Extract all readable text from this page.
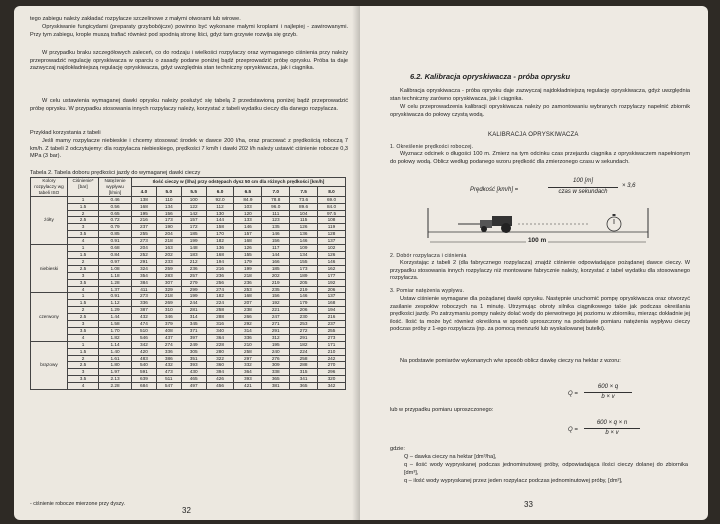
tego zabiegu należy zakładać rozpylacze szczelinowe z małymi otworami lub wirowe.
Opryskiwanie fungicydami (preparaty grzybobójcze) powinno być wykonane małymi kroplami i najlepiej - zawirowanymi. Przy tym zabiegu, krople muszą trafiać również pod spodnią stronę liści, gdyż tam grzywie rozwija się grzyb.
W przypadku braku szczegółowych zaleceń, co do rodzaju i wielkości rozpylaczy oraz wymaganego ciśnienia przy należy przeprowadzić regulację opryskiwacza w oparciu o zasady podane poniżej bądź przeprowadzić próbę oprysku. Próba ta daje zazwyczaj najdokładniejszą regulację opryskiwacza, gdyż uwzględnia stan techniczny opryskiwacza, jak i ciągnika.
W celu ustawienia wymaganej dawki oprysku należy posłużyć się tabelą 2 przedstawioną poniżej bądź przeprowadzić próbę oprysku. W przypadku stosowania innych rozpylaczy należy, korzystać z tabeli wydatku cieczy dla danego rozpylacza.
Przykład korzystania z tabeli
Jeśli mamy rozpylacze niebieskie i chcemy stosować środek w dawce 200 l/ha, oraz pracować z prędkością roboczą 7 km/h. Z tabeli 2 odczytujemy: dla rozpylacza niebieskiego, prędkości 7 km/h i dawki 202 l/h należy ustawić ciśnienie robocze 0,3 MPa (3 bar).
Tabela 2. Tabela doboru prędkości jazdy do wymaganej dawki cieczy
Kolory rozpylaczy wg tabeli ISO	Ciśnienie* [bar]	Natężenie wypływu [l/min]	Ilość cieczy w (l/ha) przy odstępach dysz 50 cm dla różnych prędkości [km/h]							
			4.0	5.0	5.5	6.0	6.5	7.0	7.5	8.0
żółty	1	0.46	138	110	100	92.0	84.9	78.8	73.6	69.0
	1.5	0.56	168	134	122	112	103	96.0	89.6	84.0
	2	0.65	195	156	142	130	120	111	104	97.5
	2.5	0.72	216	173	157	144	133	123	115	108
	3	0.79	237	190	172	158	146	135	126	119
	3.5	0.85	255	204	185	170	157	146	136	128
	4	0.91	273	218	199	182	168	156	146	137
niebieski	1	0.68	204	163	148	136	126	117	109	102
	1.5	0.84	252	202	183	168	155	144	134	126
	2	0.97	291	233	212	194	179	166	155	146
	2.5	1.08	324	259	236	216	199	185	173	162
	3	1.18	354	283	257	236	218	202	189	177
	3.5	1.28	384	307	279	256	236	219	205	192
	4	1.37	411	329	299	274	253	235	219	206
czerwony	1	0.91	273	218	199	182	168	156	146	137
	1.5	1.12	336	269	244	224	207	192	179	168
	2	1.29	387	310	281	258	238	221	206	194
	2.5	1.44	432	346	314	288	266	247	230	216
	3	1.58	474	379	345	316	292	271	253	237
	3.5	1.70	510	408	371	340	314	291	272	255
	4	1.82	546	437	397	364	336	312	291	273
brązowy	1	1.14	342	274	249	228	210	195	182	171
	1.5	1.40	420	336	305	280	258	240	224	210
	2	1.61	483	386	351	322	297	276	258	242
	2.5	1.80	540	432	393	360	332	309	288	270
	3	1.97	591	473	430	394	364	338	315	296
	3.5	2.13	639	511	465	426	393	365	341	320
	4	2.28	684	547	497	456	421	381	365	342
- ciśnienie robocze mierzone przy dyszy.
32
6.2. Kalibracja opryskiwacza - próba oprysku
Kalibracja opryskiwacza - próba oprysku daje zazwyczaj najdokładniejszą regulację opryskiwacza, gdyż uwzględnia stan techniczny zarówno opryskiwacza, jak i ciągnika.
W celu przeprowadzenia kalibracji opryskiwacza należy po zamontowaniu wybranych rozpylaczy napełnić zbiornik opryskiwacza do połowy czystą wodą.
KALIBRACJA OPRYSKIWACZA
1. Określenie prędkości roboczej.
Wyznacz odcinek o długości 100 m. Zmierz na tym odcinku czas przejazdu ciągnika z opryskiwaczem napełnionym do połowy wodą. Oblicz według podanego wzoru prędkość dla zmierzonego czasu w sekundach.
Prędkość [km/h] =
100 [m]
czas w sekundach
× 3,6
100 m
2. Dobór rozpylacza i ciśnienia
Korzystając z tabeli 2 (dla fabrycznego rozpylacza) znajdź ciśnienie odpowiadające pożądanej dawce cieczy. W przypadku stosowania innych rozpylaczy niż montowane fabrycznie należy, korzystać z tabel wydatku dla stosowanego rozpylacza.
3. Pomiar natężenia wypływu.
Ustaw ciśnienie wymagane dla pożądanej dawki oprysku. Następnie uruchomić pompę opryskiwacza oraz otworzyć zasilanie zespołów roboczych na 1 minutę. Utrzymując obroty silnika ciągnikowego takie jak podczas określania prędkości jazdy. Po zatrzymaniu pompy należy dolać wody do pierwotnego jej poziomu w zbiorniku, mierząc dokładnie jej ilość. Ilość ta może być również określona w sposób uproszczony na podstawie pomiaru natężenia wypływu cieczy podczas próby z 1-ego rozpylacza (np. za pomocą menzurki lub wyskalowanej butelki).
Na podstawie pomiarów wykonanych w/w sposób oblicz dawkę cieczy na hektar z wzoru:
Q =
600 × q
b × v
lub w przypadku pomiaru uproszczonego:
Q =
600 × q × n
b × v
gdzie:
Q – dawka cieczy na hektar [dm³/ha],
q – ilość wody wypryskanej podczas jednominutowej próby, odpowiadająca ilości cieczy dolanej do zbiornika [dm³],
q – ilość wody wypryskanej przez jeden rozpylacz podczas jednominutowej próby, [dm³],
33
